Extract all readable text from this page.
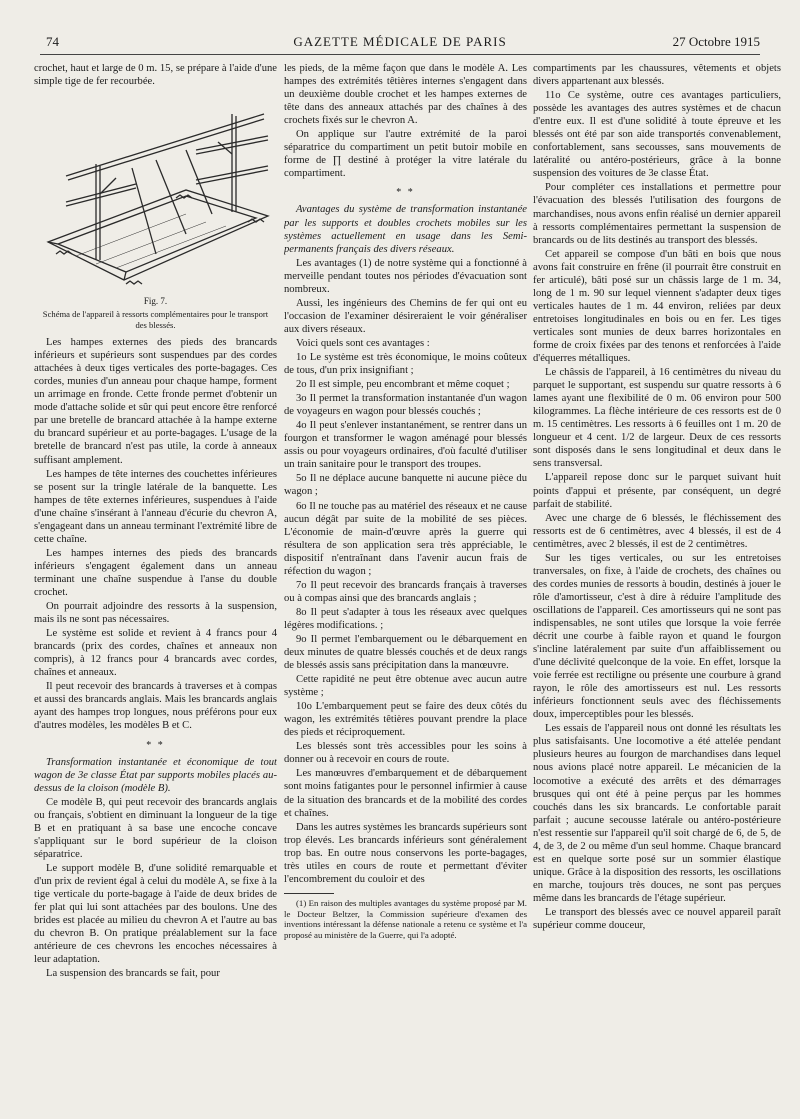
74	GAZETTE MÉDICALE DE PARIS	27 Octobre 1915

crochet, haut et large de 0 m. 15, se prépare à l'aide d'une simple tige de fer recourbée.

Fig. 7.
Schéma de l'appareil à ressorts complémentaires pour le transport des blessés.

Les hampes externes des pieds des brancards inférieurs et supérieurs sont suspendues par des cordes attachées à deux tiges verticales des porte-bagages. Ces cordes, munies d'un anneau pour chaque hampe, forment un arrimage en fronde. Cette fronde permet d'obtenir un mode d'attache solide et sûr qui peut encore être renforcé par une bretelle de brancard attachée à la hampe externe du brancard supérieur et au porte-bagages. L'usage de la bretelle de brancard n'est pas utile, la corde à anneaux suffisant amplement.

Les hampes de tête internes des couchettes inférieures se posent sur la tringle latérale de la banquette. Les hampes de tête externes inférieures, suspendues à l'aide d'une chaîne s'insérant à l'anneau d'écurie du chevron A, s'engageant dans un anneau terminant l'extrémité libre de cette chaîne.

Les hampes internes des pieds des brancards inférieurs s'engagent également dans un anneau terminant une chaîne suspendue à l'anse du double crochet.

On pourrait adjoindre des ressorts à la suspension, mais ils ne sont pas nécessaires.

Le système est solide et revient à 4 francs pour 4 brancards (prix des cordes, chaînes et anneaux non compris), à 12 francs pour 4 brancards avec cordes, chaînes et anneaux.

Il peut recevoir des brancards à traverses et à compas et aussi des brancards anglais. Mais les brancards anglais ayant des hampes trop longues, nous préférons pour eux d'autres modèles, les modèles B et C.

* *

Transformation instantanée et économique de tout wagon de 3e classe État par supports mobiles placés au-dessus de la cloison (modèle B).

Ce modèle B, qui peut recevoir des brancards anglais ou français, s'obtient en diminuant la longueur de la tige B et en pratiquant à sa base une encoche concave s'appliquant sur le bord supérieur de la cloison séparatrice.

Le support modèle B, d'une solidité remarquable et d'un prix de revient égal à celui du modèle A, se fixe à la tige verticale du porte-bagage à l'aide de deux brides de fer plat qui lui sont attachées par des boulons. Une des brides est placée au milieu du chevron A et l'autre au bas du chevron B. On pratique préalablement sur la face antérieure de ces chevrons les encoches nécessaires à leur adaptation.

La suspension des brancards se fait, pour

les pieds, de la même façon que dans le modèle A. Les hampes des extrémités têtières internes s'engagent dans un deuxième double crochet et les hampes externes de tête dans des anneaux attachés par des chaînes à des crochets fixés sur le chevron A.

On applique sur l'autre extrémité de la paroi séparatrice du compartiment un petit butoir mobile en forme de ∏ destiné à protéger la vitre latérale du compartiment.

* *

Avantages du système de transformation instantanée par les supports et doubles crochets mobiles sur les systèmes actuellement en usage dans les Semi-permanents français des divers réseaux.

Les avantages (1) de notre système qui a fonctionné à merveille pendant toutes nos périodes d'évacuation sont nombreux.

Aussi, les ingénieurs des Chemins de fer qui ont eu l'occasion de l'examiner désireraient le voir généraliser aux divers réseaux.

Voici quels sont ces avantages :

1o Le système est très économique, le moins coûteux de tous, d'un prix insignifiant ;

2o Il est simple, peu encombrant et même coquet ;

3o Il permet la transformation instantanée d'un wagon de voyageurs en wagon pour blessés couchés ;

4o Il peut s'enlever instantanément, se rentrer dans un fourgon et transformer le wagon aménagé pour blessés assis ou pour voyageurs ordinaires, d'où faculté d'utiliser un train sanitaire pour le transport des troupes.

5o Il ne déplace aucune banquette ni aucune pièce du wagon ;

6o Il ne touche pas au matériel des réseaux et ne cause aucun dégât par suite de la mobilité de ses pièces. L'économie de main-d'œuvre après la guerre qui résultera de son application sera très appréciable, le dispositif n'entraînant dans l'avenir aucun frais de réfection du wagon ;

7o Il peut recevoir des brancards français à traverses ou à compas ainsi que des brancards anglais ;

8o Il peut s'adapter à tous les réseaux avec quelques légères modifications. ;

9o Il permet l'embarquement ou le débarquement en deux minutes de quatre blessés couchés et de deux rangs de blessés assis sans précipitation dans la manœuvre.

Cette rapidité ne peut être obtenue avec aucun autre système ;

10o L'embarquement peut se faire des deux côtés du wagon, les extrémités têtières pouvant prendre la place des pieds et réciproquement.

Les blessés sont très accessibles pour les soins à donner ou à recevoir en cours de route.

Les manœuvres d'embarquement et de débarquement sont moins fatigantes pour le personnel infirmier à cause de la situation des brancards et de la mobilité des cordes et chaînes.

Dans les autres systèmes les brancards supérieurs sont trop élevés. Les brancards inférieurs sont généralement trop bas. En outre nous conservons les porte-bagages, très utiles en cours de route et permettant d'éviter l'encombrement du couloir et des

(1) En raison des multiples avantages du système proposé par M. le Docteur Beltzer, la Commission supérieure d'examen des inventions intéressant la défense nationale a retenu ce système et l'a proposé au ministère de la Guerre, qui l'a adopté.

compartiments par les chaussures, vêtements et objets divers appartenant aux blessés.

11o Ce système, outre ces avantages particuliers, possède les avantages des autres systèmes et de chacun d'entre eux. Il est d'une solidité à toute épreuve et les blessés ont été par son aide transportés convenablement, confortablement, sans secousses, sans mouvements de latéralité ou antéro-postérieurs, grâce à la bonne suspension des voitures de 3e classe État.

Pour compléter ces installations et permettre pour l'évacuation des blessés l'utilisation des fourgons de marchandises, nous avons enfin réalisé un dernier appareil à ressorts complémentaires permettant la suspension de brancards ou de lits destinés au transport des blessés.

Cet appareil se compose d'un bâti en bois que nous avons fait construire en frêne (il pourrait être construit en fer articulé), bâti posé sur un châssis large de 1 m. 34, long de 1 m. 90 sur lequel viennent s'adapter deux tiges verticales hautes de 1 m. 44 environ, reliées par deux entretoises longitudinales en bois ou en fer. Les tiges verticales sont munies de deux barres horizontales en forme de croix fixées par des tenons et renforcées à l'aide d'équerres métalliques.

Le châssis de l'appareil, à 16 centimètres du niveau du parquet le supportant, est suspendu sur quatre ressorts à 6 lames ayant une flexibilité de 0 m. 06 environ pour 500 kilogrammes. La flèche intérieure de ces ressorts est de 0 m. 15 centimètres. Les ressorts à 6 feuilles ont 1 m. 20 de longueur et 4 cent. 1/2 de largeur. Deux de ces ressorts sont disposés dans le sens longitudinal et deux dans le sens transversal.

L'appareil repose donc sur le parquet suivant huit points d'appui et présente, par conséquent, un degré parfait de stabilité.

Avec une charge de 6 blessés, le fléchissement des ressorts est de 6 centimètres, avec 4 blessés, il est de 4 centimètres, avec 2 blessés, il est de 2 centimètres.

Sur les tiges verticales, ou sur les entretoises tranversales, on fixe, à l'aide de crochets, des chaînes ou des cordes munies de ressorts à boudin, destinés à jouer le rôle d'amortisseur, c'est à dire à réduire l'amplitude des oscillations de l'appareil. Ces amortisseurs qui ne sont pas indispensables, ne sont utiles que lorsque la voie ferrée décrit une courbe à faible rayon et quand le fourgon s'incline latéralement par suite d'un affaiblissement ou d'une déclivité quelconque de la voie. En effet, lorsque la voie ferrée est rectiligne ou présente une courbure à grand rayon, le rôle des amortisseurs est nul. Les ressorts inférieurs fonctionnent seuls avec des fléchissements doux, imperceptibles pour les blessés.

Les essais de l'appareil nous ont donné les résultats les plus satisfaisants. Une locomotive a été attelée pendant plusieurs heures au fourgon de marchandises dans lequel nous avions placé notre appareil. Le mécanicien de la locomotive a exécuté des arrêts et des démarrages brusques qui ont été à peine perçus par les hommes couchés dans les six brancards. Le confortable parait parfait ; aucune secousse latérale ou antéro-postérieure n'est ressentie sur l'appareil qu'il soit chargé de 6, de 5, de 4, de 3, de 2 ou même d'un seul homme. Chaque brancard est en quelque sorte posé sur un sommier élastique unique. Grâce à la disposition des ressorts, les oscillations en marche, toujours très douces, ne sont pas perçues même dans les brancards de l'étage supérieur.

Le transport des blessés avec ce nouvel appareil paraît supérieur comme douceur,
